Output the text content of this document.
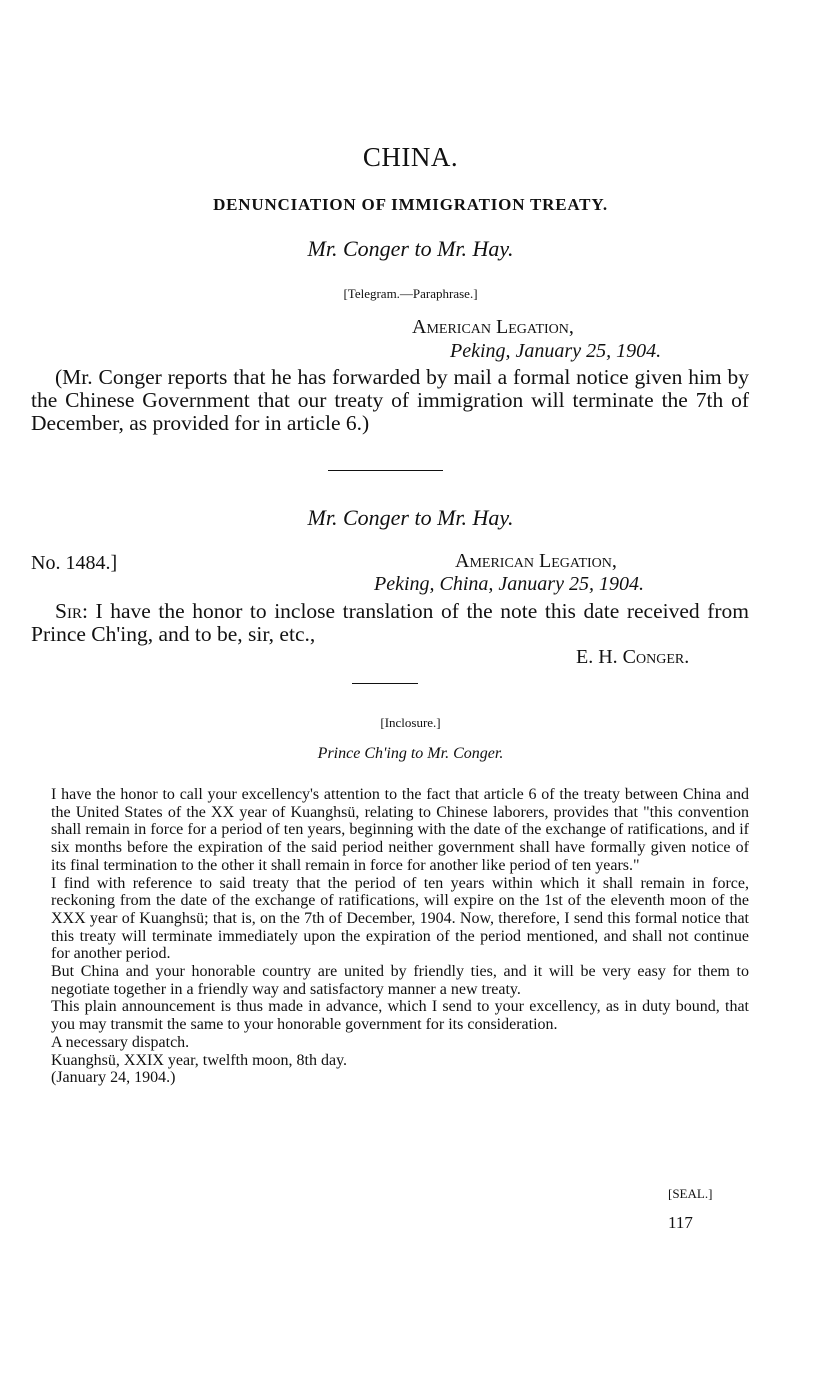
CHINA.
DENUNCIATION OF IMMIGRATION TREATY.
Mr. Conger to Mr. Hay.
[Telegram.—Paraphrase.]
American Legation,
Peking, January 25, 1904.
(Mr. Conger reports that he has forwarded by mail a formal notice given him by the Chinese Government that our treaty of immigration will terminate the 7th of December, as provided for in article 6.)
Mr. Conger to Mr. Hay.
No. 1484.]	American Legation,
Peking, China, January 25, 1904.
Sir: I have the honor to inclose translation of the note this date received from Prince Ch'ing, and to be, sir, etc.,
E. H. Conger.
[Inclosure.]
Prince Ch'ing to Mr. Conger.

I have the honor to call your excellency's attention to the fact that article 6 of the treaty between China and the United States of the XX year of Kuanghsü, relating to Chinese laborers, provides that "this convention shall remain in force for a period of ten years, beginning with the date of the exchange of ratifications, and if six months before the expiration of the said period neither government shall have formally given notice of its final termination to the other it shall remain in force for another like period of ten years."

I find with reference to said treaty that the period of ten years within which it shall remain in force, reckoning from the date of the exchange of ratifications, will expire on the 1st of the eleventh moon of the XXX year of Kuanghsü; that is, on the 7th of December, 1904. Now, therefore, I send this formal notice that this treaty will terminate immediately upon the expiration of the period mentioned, and shall not continue for another period.

But China and your honorable country are united by friendly ties, and it will be very easy for them to negotiate together in a friendly way and satisfactory manner a new treaty.

This plain announcement is thus made in advance, which I send to your excellency, as in duty bound, that you may transmit the same to your honorable government for its consideration.

A necessary dispatch.

Kuanghsü, XXIX year, twelfth moon, 8th day.

(January 24, 1904.)

[SEAL.]
117
